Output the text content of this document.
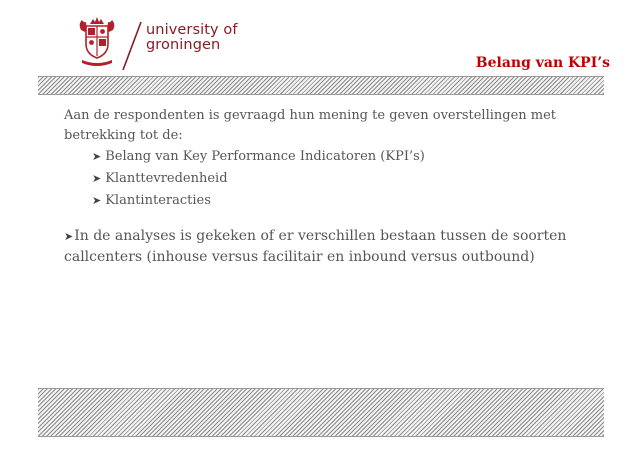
university of
groningen
Belang van KPI’s

Aan de respondenten is gevraagd hun mening te geven overstellingen met betrekking tot de:

➤ Belang van Key Performance Indicatoren (KPI’s)
➤ Klanttevredenheid
➤ Klantinteracties
➤In de analyses is gekeken of er verschillen bestaan tussen de soorten callcenters (inhouse versus facilitair en inbound versus outbound)
